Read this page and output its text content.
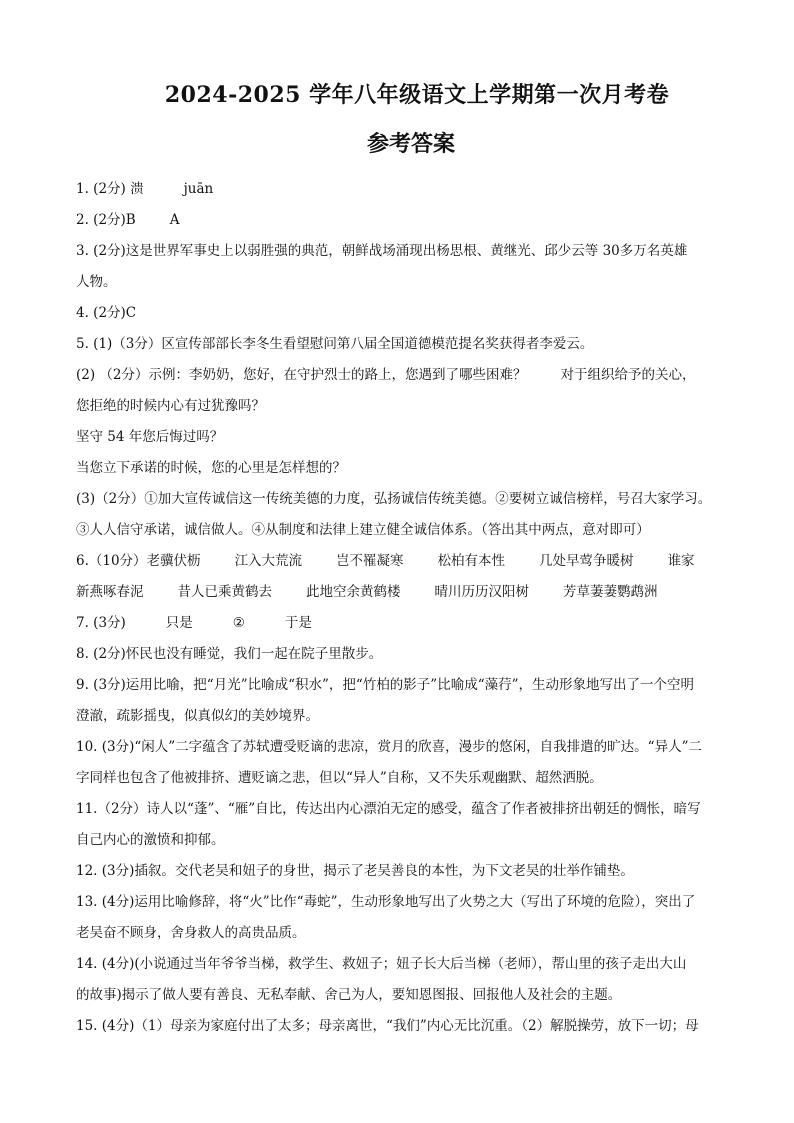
2024-2025 学年八年级语文上学期第一次月考卷
参考答案
1. (2分) 溃	juān
2. (2分)B	A
3. (2分)这是世界军事史上以弱胜强的典范，朝鲜战场涌现出杨思根、黄继光、邱少云等 30多万名英雄
人物。
4. (2分)C
5. (1)（3分）区宣传部部长李冬生看望慰问第八届全国道德模范提名奖获得者李爱云。
(2) （2分）示例：李奶奶，您好，在守护烈士的路上，您遇到了哪些困难？	对于组织给予的关心，
您拒绝的时候内心有过犹豫吗？
坚守 54 年您后悔过吗？
当您立下承诺的时候，您的心里是怎样想的？
(3)（2分）①加大宣传诚信这一传统美德的力度，弘扬诚信传统美德。②要树立诚信榜样，号召大家学习。
③人人信守承诺，诚信做人。④从制度和法律上建立健全诚信体系。（答出其中两点，意对即可）
6.（10分）老骥伏枥	江入大荒流	岂不罹凝寒	松柏有本性	几处早莺争暖树	谁家
新燕啄春泥	昔人已乘黄鹤去	此地空余黄鹤楼	晴川历历汉阳树	芳草萋萋鹦鹉洲
7. (3分)	只是	②	于是
8. (2分)怀民也没有睡觉，我们一起在院子里散步。
9. (3分)运用比喻，把“月光”比喻成“积水”，把“竹柏的影子”比喻成“藻荇”，生动形象地写出了一个空明
澄澈，疏影摇曳，似真似幻的美妙境界。
10. (3分)“闲人”二字蕴含了苏轼遭受贬谪的悲凉，赏月的欣喜，漫步的悠闲，自我排遣的旷达。“异人”二
字同样也包含了他被排挤、遭贬谪之悲，但以“异人”自称，又不失乐观幽默、超然洒脱。
11.（2分）诗人以“蓬”、“雁”自比，传达出内心漂泊无定的感受，蕴含了作者被排挤出朝廷的惆怅，暗写
自己内心的激愤和抑郁。
12. (3分)插叙。交代老吴和妞子的身世，揭示了老吴善良的本性，为下文老吴的壮举作铺垫。
13. (4分)运用比喻修辞，将“火”比作“毒蛇”，生动形象地写出了火势之大（写出了环境的危险），突出了
老吴奋不顾身，舍身救人的高贵品质。
14. (4分)(小说通过当年爷爷当梯，救学生、救妞子；妞子长大后当梯（老师），帮山里的孩子走出大山
的故事)揭示了做人要有善良、无私奉献、舍己为人，要知恩图报、回报他人及社会的主题。
15. (4分)（1）母亲为家庭付出了太多；母亲离世，“我们”内心无比沉重。（2）解脱操劳，放下一切；母
